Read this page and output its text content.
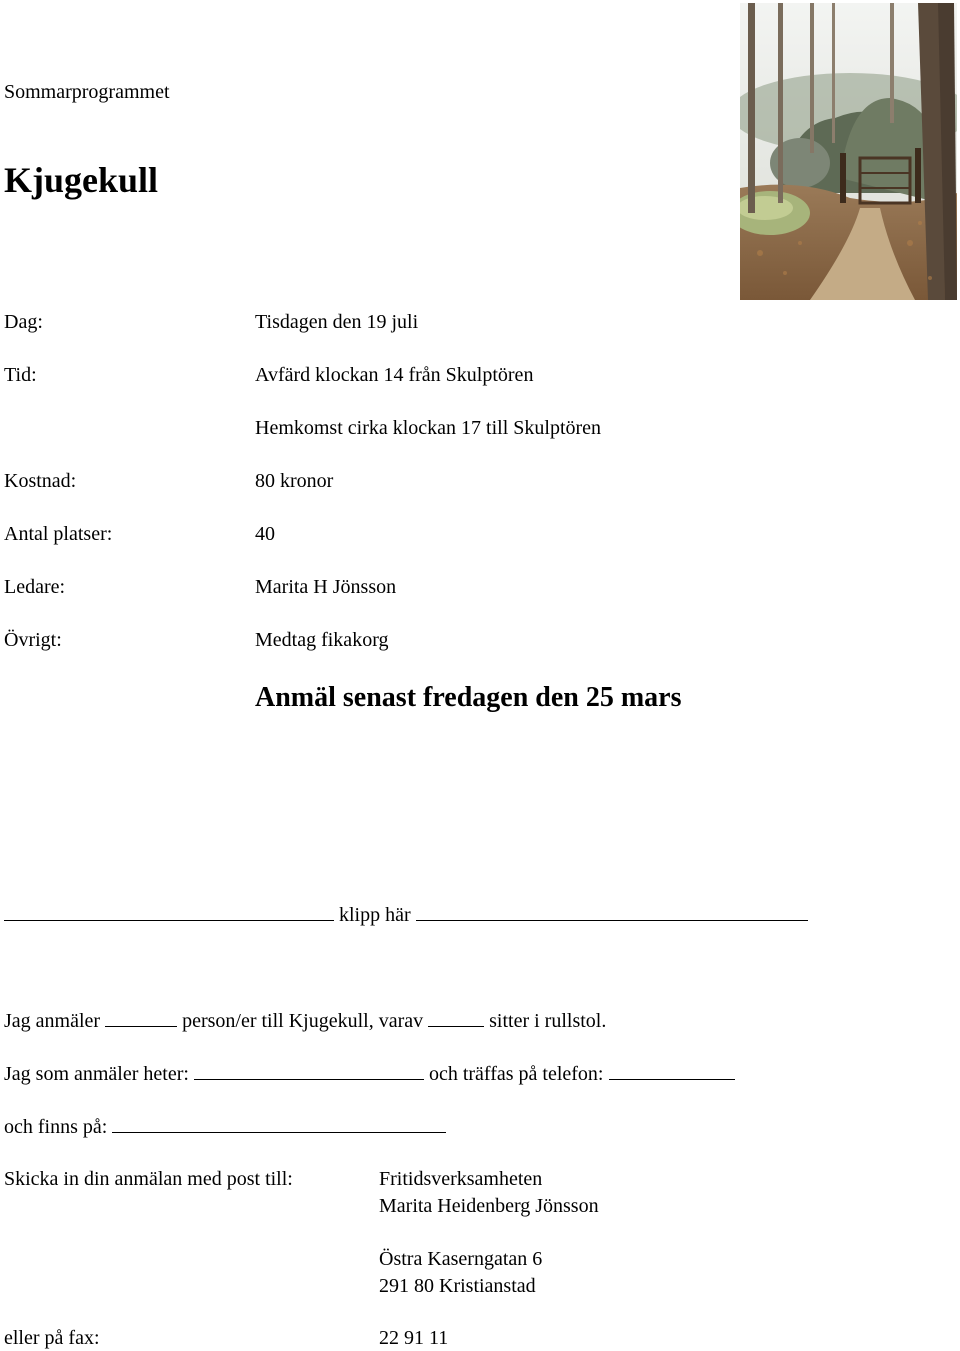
Sommarprogrammet
Kjugekull
Dag:	Tisdagen den 19 juli
Tid:	Avfärd klockan 14 från Skulptören
Hemkomst cirka klockan 17 till Skulptören
Kostnad:	80 kronor
Antal platser:	40
Ledare:	Marita H Jönsson
Övrigt:	Medtag fikakorg
Anmäl senast fredagen den 25 mars
klipp här
Jag anmäler	person/er till Kjugekull, varav	sitter i rullstol.
Jag som anmäler heter:	och träffas på telefon:
och finns på:
Skicka in din anmälan med post till:	Fritidsverksamheten
Marita Heidenberg Jönsson
Östra Kaserngatan 6
291 80 Kristianstad
eller på fax:	22 91 11
